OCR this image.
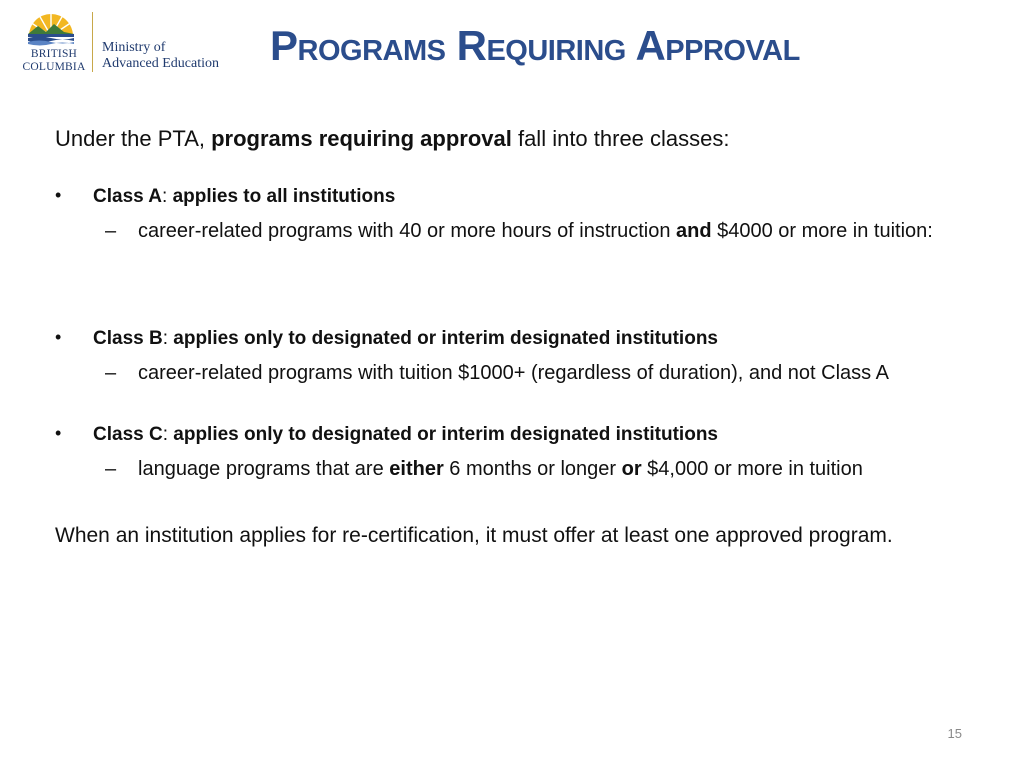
BRITISH
COLUMBIA
Ministry of
Advanced Education Programs Requiring Approval

Under the PTA, programs requiring approval fall into three classes:

• Class A: applies to all institutions
– career-related programs with 40 or more hours of instruction and $4000 or more in tuition:
• Class B: applies only to designated or interim designated institutions
– career-related programs with tuition $1000+ (regardless of duration), and not Class A
• Class C: applies only to designated or interim designated institutions
– language programs that are either 6 months or longer or $4,000 or more in tuition

When an institution applies for re-certification, it must offer at least one approved program.

15
